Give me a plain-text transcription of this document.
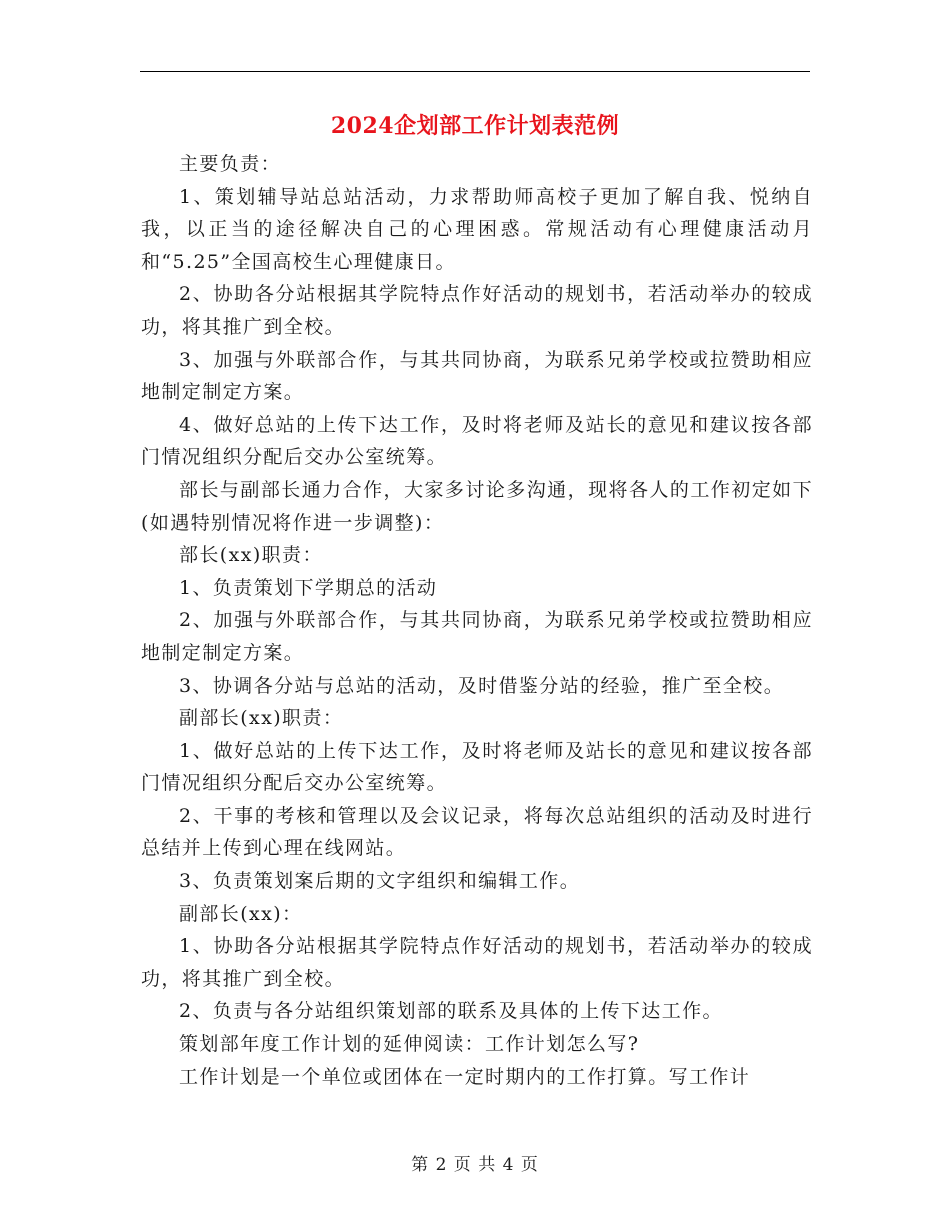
2024企划部工作计划表范例

主要负责：

1、策划辅导站总站活动，力求帮助师高校子更加了解自我、悦纳自我，以正当的途径解决自己的心理困惑。常规活动有心理健康活动月和“5.25”全国高校生心理健康日。

2、协助各分站根据其学院特点作好活动的规划书，若活动举办的较成功，将其推广到全校。

3、加强与外联部合作，与其共同协商，为联系兄弟学校或拉赞助相应地制定制定方案。

4、做好总站的上传下达工作，及时将老师及站长的意见和建议按各部门情况组织分配后交办公室统筹。

部长与副部长通力合作，大家多讨论多沟通，现将各人的工作初定如下(如遇特别情况将作进一步调整)：

部长(xx)职责：

1、负责策划下学期总的活动

2、加强与外联部合作，与其共同协商，为联系兄弟学校或拉赞助相应地制定制定方案。

3、协调各分站与总站的活动，及时借鉴分站的经验，推广至全校。

副部长(xx)职责：

1、做好总站的上传下达工作，及时将老师及站长的意见和建议按各部门情况组织分配后交办公室统筹。

2、干事的考核和管理以及会议记录，将每次总站组织的活动及时进行总结并上传到心理在线网站。

3、负责策划案后期的文字组织和编辑工作。

副部长(xx)：

1、协助各分站根据其学院特点作好活动的规划书，若活动举办的较成功，将其推广到全校。

2、负责与各分站组织策划部的联系及具体的上传下达工作。

策划部年度工作计划的延伸阅读：工作计划怎么写?

工作计划是一个单位或团体在一定时期内的工作打算。写工作计

第 2 页 共 4 页
